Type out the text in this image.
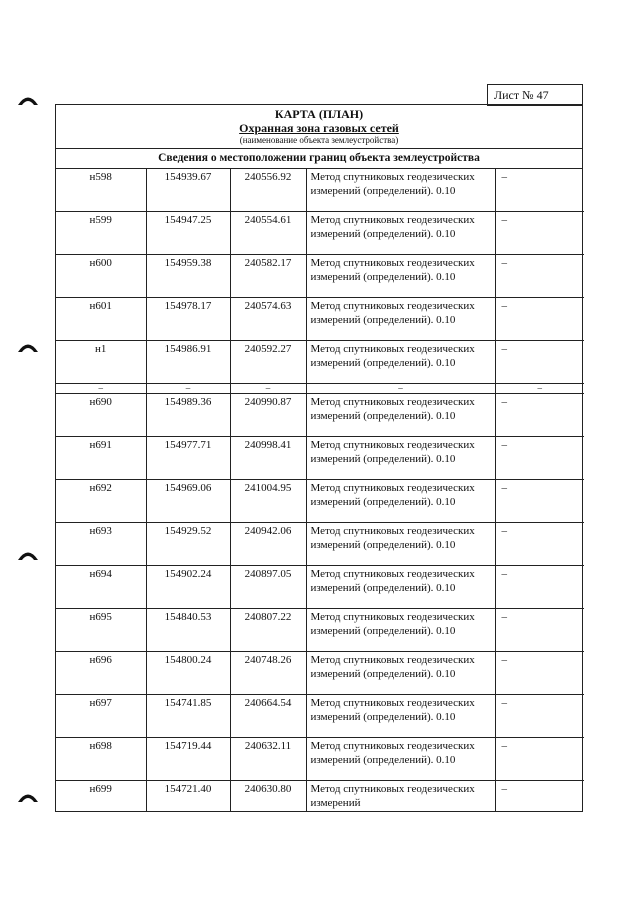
Лист № 47
КАРТА (ПЛАН)
Охранная зона газовых сетей
(наименование объекта землеустройства)
Сведения о местоположении границ объекта землеустройства
н598	154939.67	240556.92	Метод спутниковых геодезических измерений (определений). 0.10	–
н599	154947.25	240554.61	Метод спутниковых геодезических измерений (определений). 0.10	–
н600	154959.38	240582.17	Метод спутниковых геодезических измерений (определений). 0.10	–
н601	154978.17	240574.63	Метод спутниковых геодезических измерений (определений). 0.10	–
н1	154986.91	240592.27	Метод спутниковых геодезических измерений (определений). 0.10	–
–	–	–	–	–
н690	154989.36	240990.87	Метод спутниковых геодезических измерений (определений). 0.10	–
н691	154977.71	240998.41	Метод спутниковых геодезических измерений (определений). 0.10	–
н692	154969.06	241004.95	Метод спутниковых геодезических измерений (определений). 0.10	–
н693	154929.52	240942.06	Метод спутниковых геодезических измерений (определений). 0.10	–
н694	154902.24	240897.05	Метод спутниковых геодезических измерений (определений). 0.10	–
н695	154840.53	240807.22	Метод спутниковых геодезических измерений (определений). 0.10	–
н696	154800.24	240748.26	Метод спутниковых геодезических измерений (определений). 0.10	–
н697	154741.85	240664.54	Метод спутниковых геодезических измерений (определений). 0.10	–
н698	154719.44	240632.11	Метод спутниковых геодезических измерений (определений). 0.10	–
н699	154721.40	240630.80	Метод спутниковых геодезических измерений	–
